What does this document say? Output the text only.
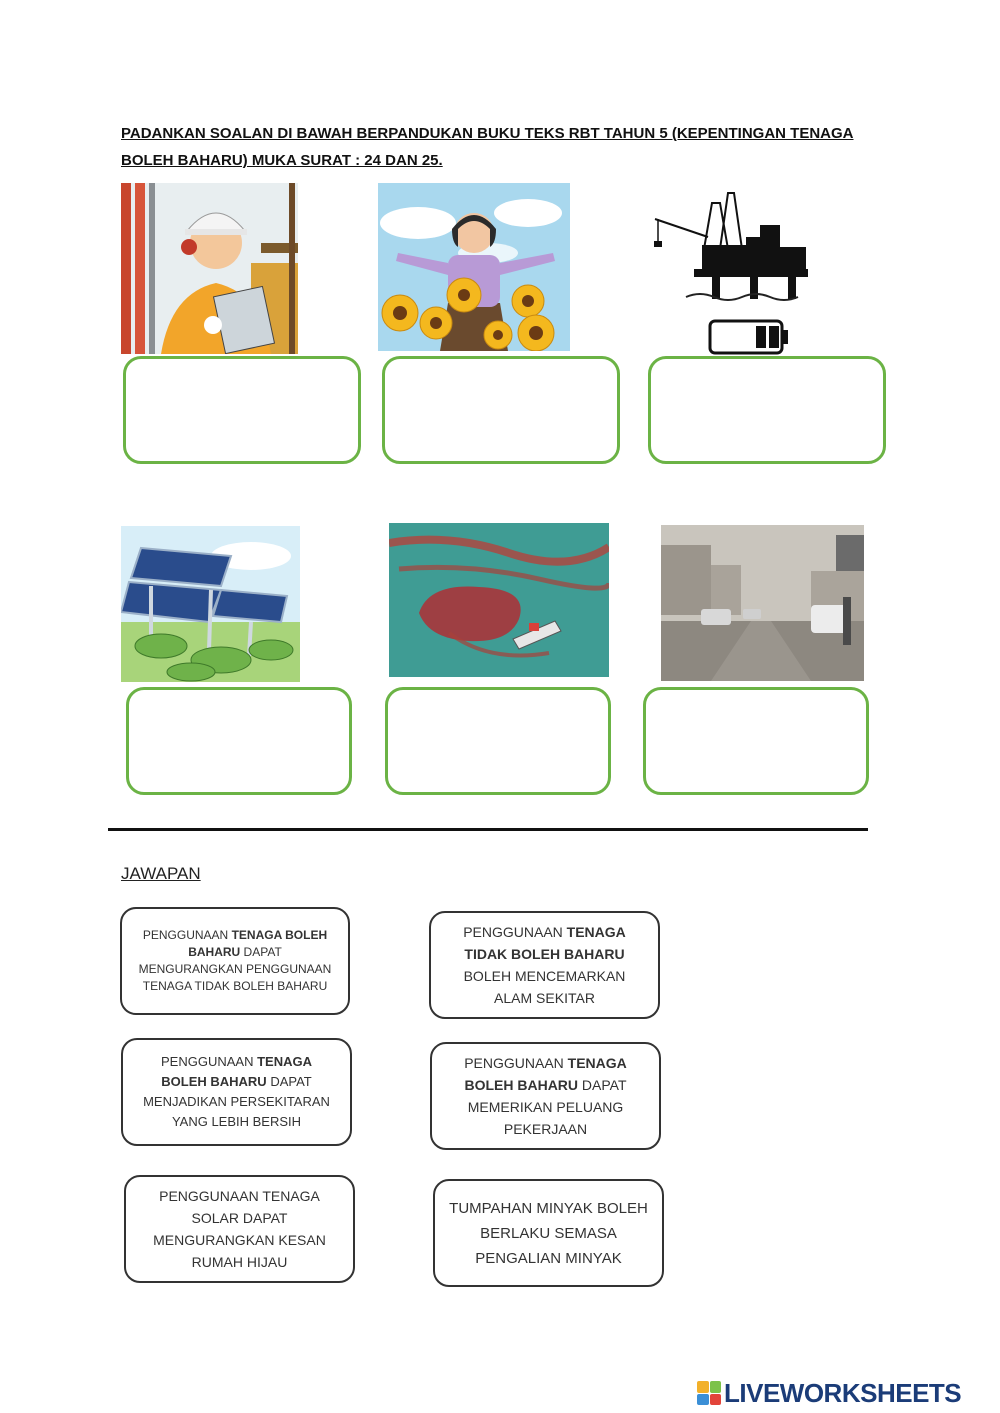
PADANKAN SOALAN DI BAWAH BERPANDUKAN BUKU TEKS RBT TAHUN 5 (KEPENTINGAN TENAGA BOLEH BAHARU) MUKA SURAT : 24 DAN 25.
JAWAPAN

PENGGUNAAN TENAGA BOLEH BAHARU DAPAT MENGURANGKAN PENGGUNAAN TENAGA TIDAK BOLEH BAHARU

PENGGUNAAN TENAGA TIDAK BOLEH BAHARU BOLEH MENCEMARKAN ALAM SEKITAR

PENGGUNAAN TENAGA BOLEH BAHARU DAPAT MENJADIKAN PERSEKITARAN YANG LEBIH BERSIH

PENGGUNAAN TENAGA BOLEH BAHARU DAPAT MEMERIKAN PELUANG PEKERJAAN

PENGGUNAAN TENAGA SOLAR DAPAT MENGURANGKAN KESAN RUMAH HIJAU

TUMPAHAN MINYAK BOLEH BERLAKU SEMASA PENGALIAN MINYAK

LIVEWORKSHEETS
